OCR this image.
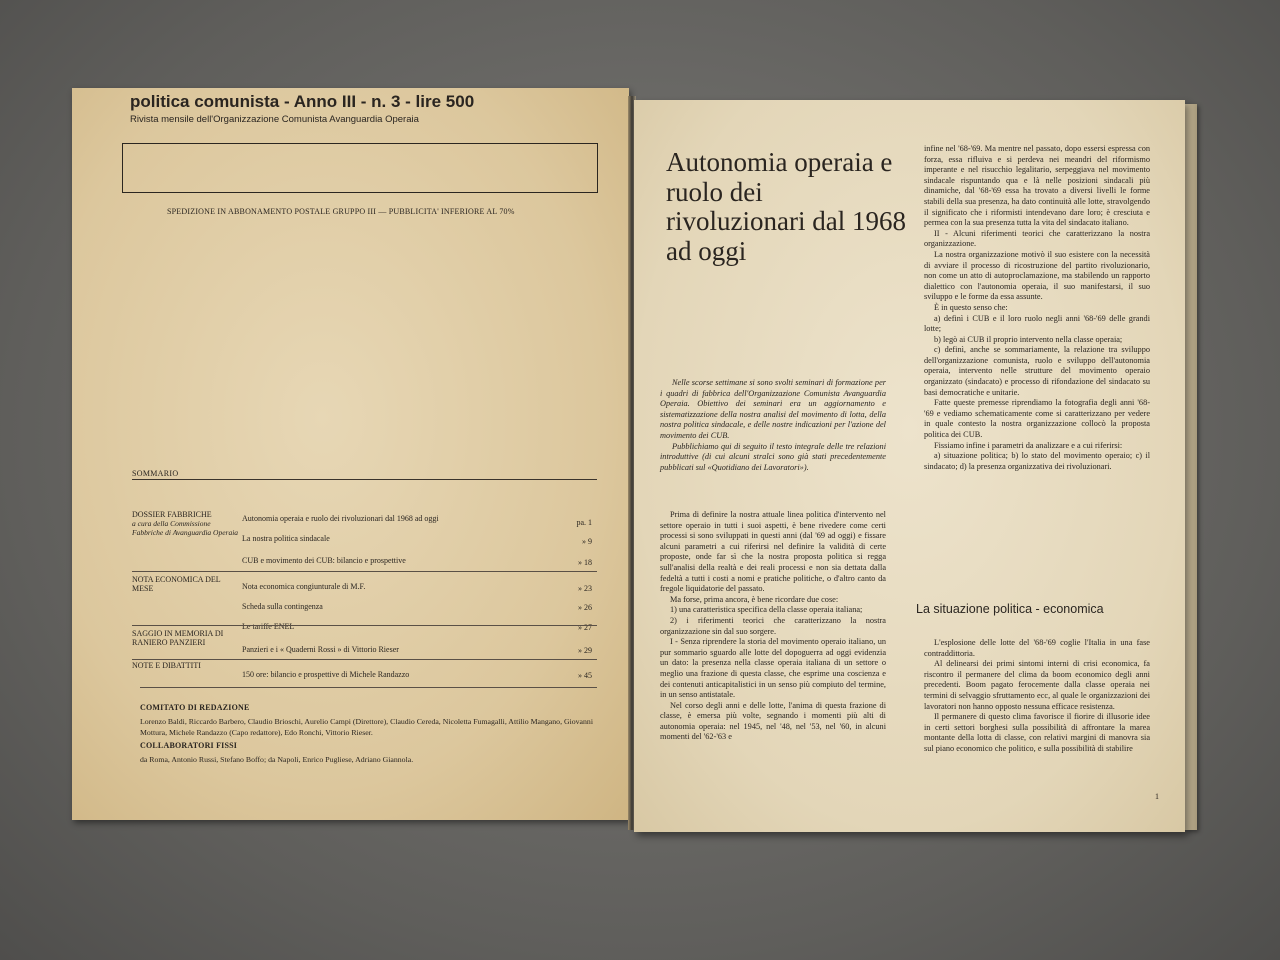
politica comunista - Anno III - n. 3 - lire 500
Rivista mensile dell'Organizzazione Comunista Avanguardia Operaia
SPEDIZIONE IN ABBONAMENTO POSTALE GRUPPO III — PUBBLICITA' INFERIORE AL 70%
SOMMARIO
DOSSIER FABBRICHE
a cura della Commissione Fabbriche di Avanguardia Operaia
Autonomia operaia e ruolo dei rivoluzionari dal 1968 ad oggi	pa. 1
La nostra politica sindacale	» 9
CUB e movimento dei CUB: bilancio e prospettive	» 18
NOTA ECONOMICA DEL MESE	Nota economica congiunturale di M.F.	» 23
Scheda sulla contingenza	» 26
Le tariffe ENEL	» 27
SAGGIO IN MEMORIA DI RANIERO PANZIERI
Panzieri e i « Quaderni Rossi » di Vittorio Rieser	» 29
NOTE E DIBATTITI
150 ore: bilancio e prospettive di Michele Randazzo	» 45
COMITATO DI REDAZIONE
Lorenzo Baldi, Riccardo Barbero, Claudio Brioschi, Aurelio Campi (Direttore), Claudio Cereda, Nicoletta Fumagalli, Attilio Mangano, Giovanni Mottura, Michele Randazzo (Capo redattore), Edo Ronchi, Vittorio Rieser.
COLLABORATORI FISSI
da Roma, Antonio Russi, Stefano Boffo; da Napoli, Enrico Pugliese, Adriano Giannola.
Autonomia operaia e ruolo dei rivoluzionari dal 1968 ad oggi

Nelle scorse settimane si sono svolti seminari di formazione per i quadri di fabbrica dell'Organizzazione Comunista Avanguardia Operaia. Obiettivo dei seminari era un aggiornamento e sistematizzazione della nostra analisi del movimento di lotta, della nostra politica sindacale, e delle nostre indicazioni per l'azione del movimento dei CUB.

Pubblichiamo qui di seguito il testo integrale delle tre relazioni introduttive (di cui alcuni stralci sono già stati precedentemente pubblicati sul «Quotidiano dei Lavoratori»).

Prima di definire la nostra attuale linea politica d'intervento nel settore operaio in tutti i suoi aspetti, è bene rivedere come certi processi si sono sviluppati in questi anni (dal '69 ad oggi) e fissare alcuni parametri a cui riferirsi nel definire la validità di certe proposte, onde far sì che la nostra proposta politica si regga sull'analisi della realtà e dei reali processi e non sia dettata dalla fedeltà a tutti i costi a nomi e pratiche politiche, o d'altro canto da fregole liquidatorie del passato.

Ma forse, prima ancora, è bene ricordare due cose:

1) una caratteristica specifica della classe operaia italiana;

2) i riferimenti teorici che caratterizzano la nostra organizzazione sin dal suo sorgere.

I - Senza riprendere la storia del movimento operaio italiano, un pur sommario sguardo alle lotte del dopoguerra ad oggi evidenzia un dato: la presenza nella classe operaia italiana di un settore o meglio una frazione di questa classe, che esprime una coscienza e dei contenuti anticapitalistici in un senso più compiuto del termine, in un senso antistatale.

Nel corso degli anni e delle lotte, l'anima di questa frazione di classe, è emersa più volte, segnando i momenti più alti di autonomia operaia: nel 1945, nel '48, nel '53, nel '60, in alcuni momenti del '62-'63 e

infine nel '68-'69. Ma mentre nel passato, dopo essersi espressa con forza, essa rifluiva e si perdeva nei meandri del riformismo imperante e nel risucchio legalitario, serpeggiava nel movimento sindacale rispuntando qua e là nelle posizioni sindacali più dinamiche, dal '68-'69 essa ha trovato a diversi livelli le forme stabili della sua presenza, ha dato continuità alle lotte, stravolgendo il significato che i riformisti intendevano dare loro; è cresciuta e permea con la sua presenza tutta la vita del sindacato italiano.

II - Alcuni riferimenti teorici che caratterizzano la nostra organizzazione.

La nostra organizzazione motivò il suo esistere con la necessità di avviare il processo di ricostruzione del partito rivoluzionario, non come un atto di autoproclamazione, ma stabilendo un rapporto dialettico con l'autonomia operaia, il suo manifestarsi, il suo sviluppo e le forme da essa assunte.

È in questo senso che:

a) definì i CUB e il loro ruolo negli anni '68-'69 delle grandi lotte;

b) legò ai CUB il proprio intervento nella classe operaia;

c) definì, anche se sommariamente, la relazione tra sviluppo dell'organizzazione comunista, ruolo e sviluppo dell'autonomia operaia, intervento nelle strutture del movimento operaio organizzato (sindacato) e processo di rifondazione del sindacato su basi democratiche e unitarie.

Fatte queste premesse riprendiamo la fotografia degli anni '68-'69 e vediamo schematicamente come si caratterizzano per vedere in quale contesto la nostra organizzazione collocò la proposta politica dei CUB.

Fissiamo infine i parametri da analizzare e a cui riferirsi:

a) situazione politica; b) lo stato del movimento operaio; c) il sindacato; d) la presenza organizzativa dei rivoluzionari.

La situazione politica - economica

L'esplosione delle lotte del '68-'69 coglie l'Italia in una fase contraddittoria.

Al delinearsi dei primi sintomi interni di crisi economica, fa riscontro il permanere del clima da boom economico degli anni precedenti. Boom pagato ferocemente dalla classe operaia nei termini di selvaggio sfruttamento ecc, al quale le organizzazioni dei lavoratori non hanno opposto nessuna efficace resistenza.

Il permanere di questo clima favorisce il fiorire di illusorie idee in certi settori borghesi sulla possibilità di affrontare la marea montante della lotta di classe, con relativi margini di manovra sia sul piano economico che politico, e sulla possibilità di stabilire

1
